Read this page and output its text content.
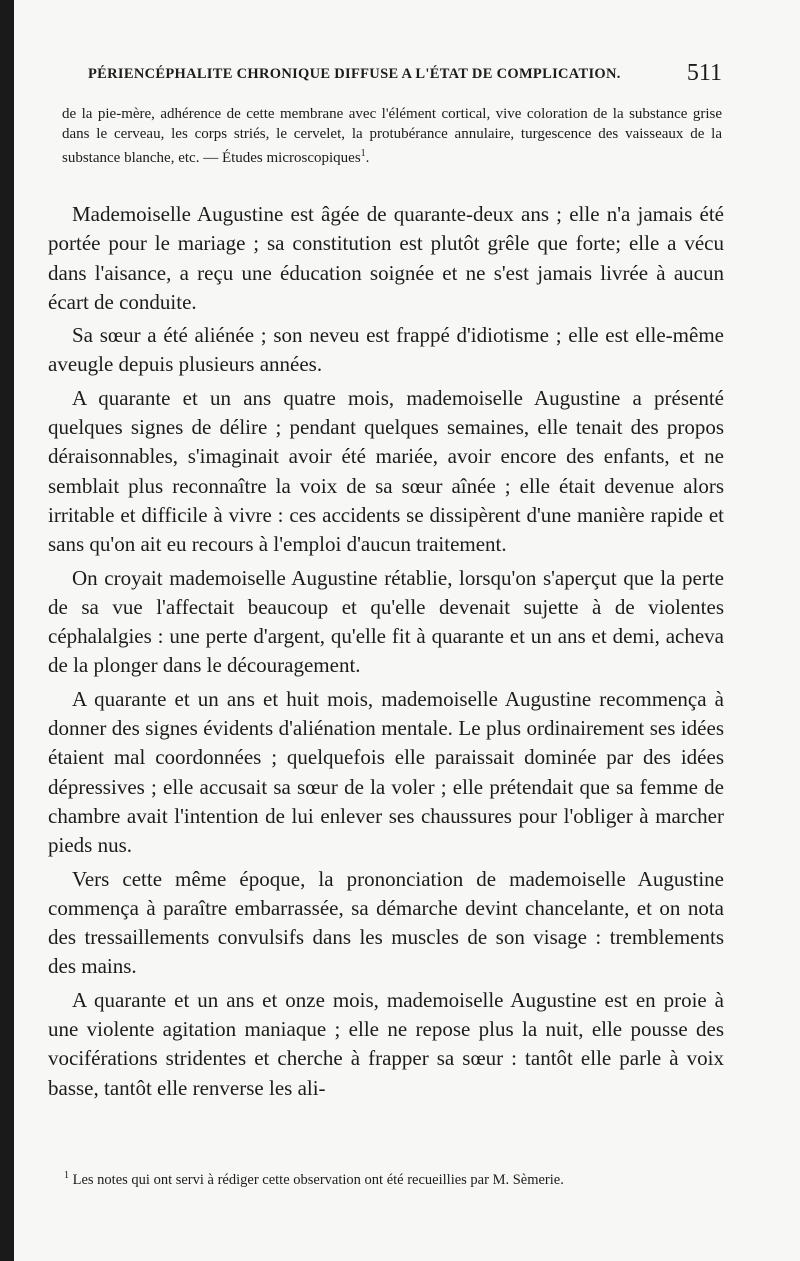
f
PÉRIENCÉPHALITE CHRONIQUE DIFFUSE A L'ÉTAT DE COMPLICATION.	511
de la pie-mère, adhérence de cette membrane avec l'élément cortical, vive coloration de la substance grise dans le cerveau, les corps striés, le cervelet, la protubérance annulaire, turgescence des vaisseaux de la substance blanche, etc. — Études microscopiques$^1$.

Mademoiselle Augustine est âgée de quarante-deux ans ; elle n'a jamais été portée pour le mariage ; sa constitution est plutôt grêle que forte; elle a vécu dans l'aisance, a reçu une éducation soignée et ne s'est jamais livrée à aucun écart de conduite.

Sa sœur a été aliénée ; son neveu est frappé d'idiotisme ; elle est elle-même aveugle depuis plusieurs années.

A quarante et un ans quatre mois, mademoiselle Augustine a présenté quelques signes de délire ; pendant quelques semaines, elle tenait des propos déraisonnables, s'imaginait avoir été mariée, avoir encore des enfants, et ne semblait plus reconnaître la voix de sa sœur aînée ; elle était devenue alors irritable et difficile à vivre : ces accidents se dissipèrent d'une manière rapide et sans qu'on ait eu recours à l'emploi d'aucun traitement.

On croyait mademoiselle Augustine rétablie, lorsqu'on s'aperçut que la perte de sa vue l'affectait beaucoup et qu'elle devenait sujette à de violentes céphalalgies : une perte d'argent, qu'elle fit à quarante et un ans et demi, acheva de la plonger dans le découragement.

A quarante et un ans et huit mois, mademoiselle Augustine recommença à donner des signes évidents d'aliénation mentale. Le plus ordinairement ses idées étaient mal coordonnées ; quelquefois elle paraissait dominée par des idées dépressives ; elle accusait sa sœur de la voler ; elle prétendait que sa femme de chambre avait l'intention de lui enlever ses chaussures pour l'obliger à marcher pieds nus.

Vers cette même époque, la prononciation de mademoiselle Augustine commença à paraître embarrassée, sa démarche devint chancelante, et on nota des tressaillements convulsifs dans les muscles de son visage : tremblements des mains.

A quarante et un ans et onze mois, mademoiselle Augustine est en proie à une violente agitation maniaque ; elle ne repose plus la nuit, elle pousse des vociférations stridentes et cherche à frapper sa sœur : tantôt elle parle à voix basse, tantôt elle renverse les ali-

$^1$ Les notes qui ont servi à rédiger cette observation ont été recueillies par M. Sèmerie.
